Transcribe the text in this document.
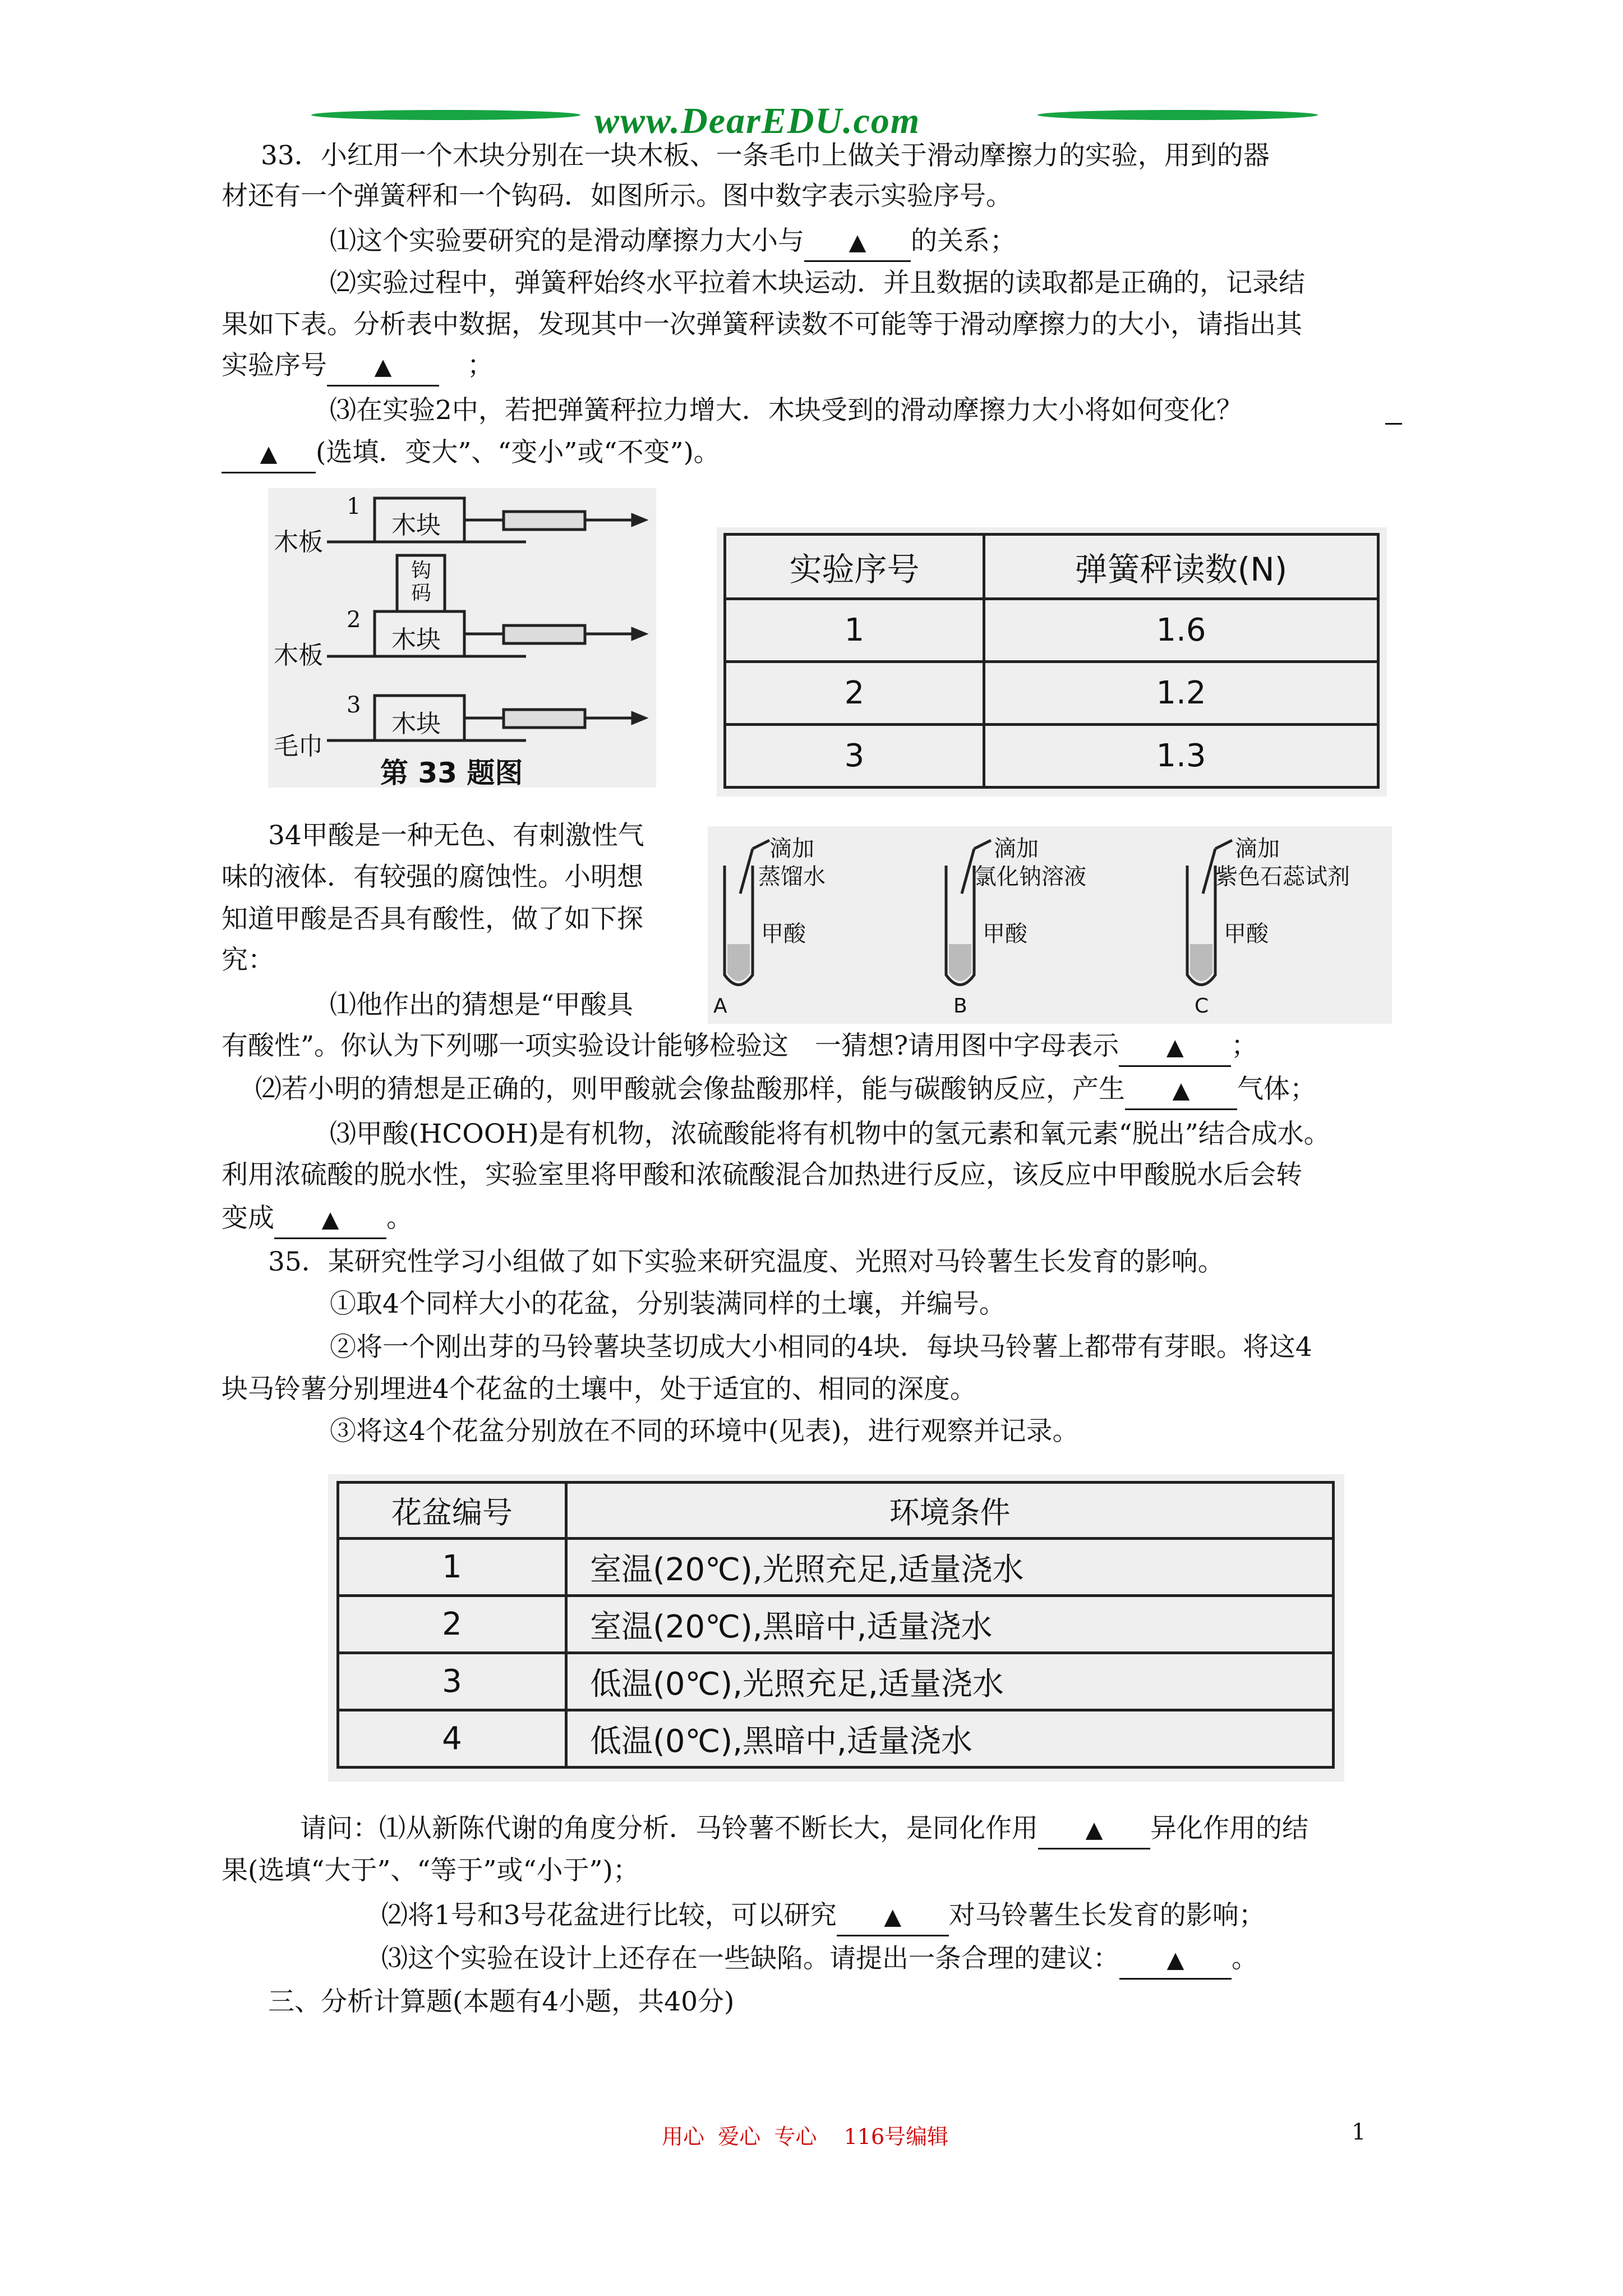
www.DearEDU.com
33．小红用一个木块分别在一块木板、一条毛巾上做关于滑动摩擦力的实验，用到的器
材还有一个弹簧秤和一个钩码．如图所示。图中数字表示实验序号。
⑴这个实验要研究的是滑动摩擦力大小与 ▲ 的关系；
⑵实验过程中，弹簧秤始终水平拉着木块运动．并且数据的读取都是正确的，记录结
果如下表。分析表中数据，发现其中一次弹簧秤读数不可能等于滑动摩擦力的大小，请指出其
实验序号 ▲	；
⑶在实验2中，若把弹簧秤拉力增大．木块受到的滑动摩擦力大小将如何变化？
▲ (选填．变大”、“变小”或“不变”)。
1
木板
木块
钩码
2
木板
木块
3
毛巾
木块
第 33 题图
实验序号	弹簧秤读数(N)
1	1.6
2	1.2
3	1.3
34甲酸是一种无色、有刺激性气
味的液体．有较强的腐蚀性。小明想
知道甲酸是否具有酸性，做了如下探
究：
⑴他作出的猜想是“甲酸具
有酸性”。你认为下列哪一项实验设计能够检验这　一猜想?请用图中字母表示 ▲ ；
⑵若小明的猜想是正确的，则甲酸就会像盐酸那样，能与碳酸钠反应，产生 ▲ 气体；
⑶甲酸(HCOOH)是有机物，浓硫酸能将有机物中的氢元素和氧元素“脱出”结合成水。
利用浓硫酸的脱水性，实验室里将甲酸和浓硫酸混合加热进行反应，该反应中甲酸脱水后会转
变成 ▲ 。
滴加
蒸馏水
甲酸
A
滴加
氯化钠溶液
甲酸
B
滴加
紫色石蕊试剂
甲酸
C
35．某研究性学习小组做了如下实验来研究温度、光照对马铃薯生长发育的影响。
①取4个同样大小的花盆，分别装满同样的土壤，并编号。
②将一个刚出芽的马铃薯块茎切成大小相同的4块．每块马铃薯上都带有芽眼。将这4
块马铃薯分别埋进4个花盆的土壤中，处于适宜的、相同的深度。
③将这4个花盆分别放在不同的环境中(见表)，进行观察并记录。
花盆编号	环境条件
1	室温(20℃),光照充足,适量浇水
2	室温(20℃),黑暗中,适量浇水
3	低温(0℃),光照充足,适量浇水
4	低温(0℃),黑暗中,适量浇水
请问：⑴从新陈代谢的角度分析．马铃薯不断长大，是同化作用 ▲ 异化作用的结
果(选填“大于”、“等于”或“小于”)；
⑵将1号和3号花盆进行比较，可以研究 ▲ 对马铃薯生长发育的影响；
⑶这个实验在设计上还存在一些缺陷。请提出一条合理的建议： ▲ 。
三、分析计算题(本题有4小题，共40分)
用心  爱心  专心    116号编辑	1
